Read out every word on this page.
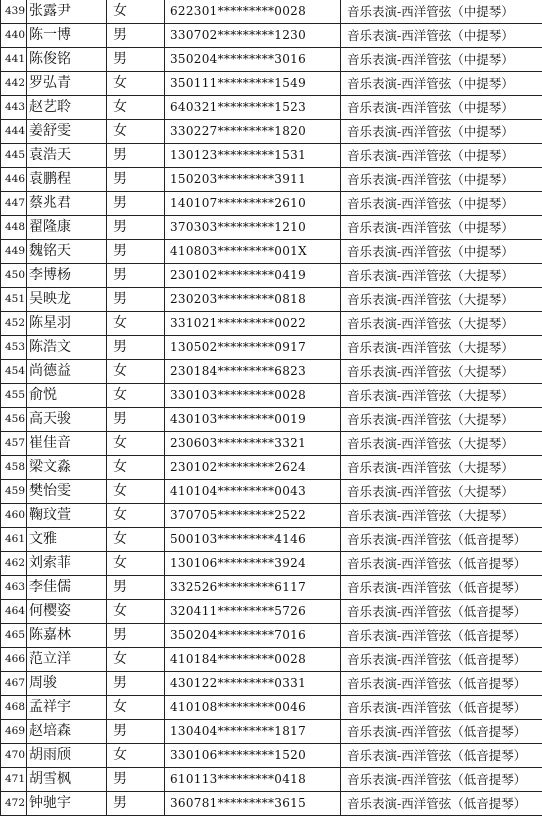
439	张露尹	女	622301*********0028	音乐表演-西洋管弦（中提琴）
440	陈一博	男	330702*********1230	音乐表演-西洋管弦（中提琴）
441	陈俊铭	男	350204*********3016	音乐表演-西洋管弦（中提琴）
442	罗弘青	女	350111*********1549	音乐表演-西洋管弦（中提琴）
443	赵艺聆	女	640321*********1523	音乐表演-西洋管弦（中提琴）
444	姜舒雯	女	330227*********1820	音乐表演-西洋管弦（中提琴）
445	袁浩天	男	130123*********1531	音乐表演-西洋管弦（中提琴）
446	袁鹏程	男	150203*********3911	音乐表演-西洋管弦（中提琴）
447	蔡兆君	男	140107*********2610	音乐表演-西洋管弦（中提琴）
448	翟隆康	男	370303*********1210	音乐表演-西洋管弦（中提琴）
449	魏铭天	男	410803*********001X	音乐表演-西洋管弦（中提琴）
450	李博杨	男	230102*********0419	音乐表演-西洋管弦（大提琴）
451	吴映龙	男	230203*********0818	音乐表演-西洋管弦（大提琴）
452	陈星羽	女	331021*********0022	音乐表演-西洋管弦（大提琴）
453	陈浩文	男	130502*********0917	音乐表演-西洋管弦（大提琴）
454	尚德益	女	230184*********6823	音乐表演-西洋管弦（大提琴）
455	俞悦	女	330103*********0028	音乐表演-西洋管弦（大提琴）
456	高天骏	男	430103*********0019	音乐表演-西洋管弦（大提琴）
457	崔佳音	女	230603*********3321	音乐表演-西洋管弦（大提琴）
458	梁文淼	女	230102*********2624	音乐表演-西洋管弦（大提琴）
459	樊怡雯	女	410104*********0043	音乐表演-西洋管弦（大提琴）
460	鞠玟萱	女	370705*********2522	音乐表演-西洋管弦（大提琴）
461	文雅	女	500103*********4146	音乐表演-西洋管弦（低音提琴）
462	刘索菲	女	130106*********3924	音乐表演-西洋管弦（低音提琴）
463	李佳儒	男	332526*********6117	音乐表演-西洋管弦（低音提琴）
464	何樱姿	女	320411*********5726	音乐表演-西洋管弦（低音提琴）
465	陈嘉林	男	350204*********7016	音乐表演-西洋管弦（低音提琴）
466	范立洋	女	410184*********0028	音乐表演-西洋管弦（低音提琴）
467	周骏	男	430122*********0331	音乐表演-西洋管弦（低音提琴）
468	孟祥宇	女	410108*********0046	音乐表演-西洋管弦（低音提琴）
469	赵培森	男	130404*********1817	音乐表演-西洋管弦（低音提琴）
470	胡雨颀	女	330106*********1520	音乐表演-西洋管弦（低音提琴）
471	胡雪枫	男	610113*********0418	音乐表演-西洋管弦（低音提琴）
472	钟驰宇	男	360781*********3615	音乐表演-西洋管弦（低音提琴）
